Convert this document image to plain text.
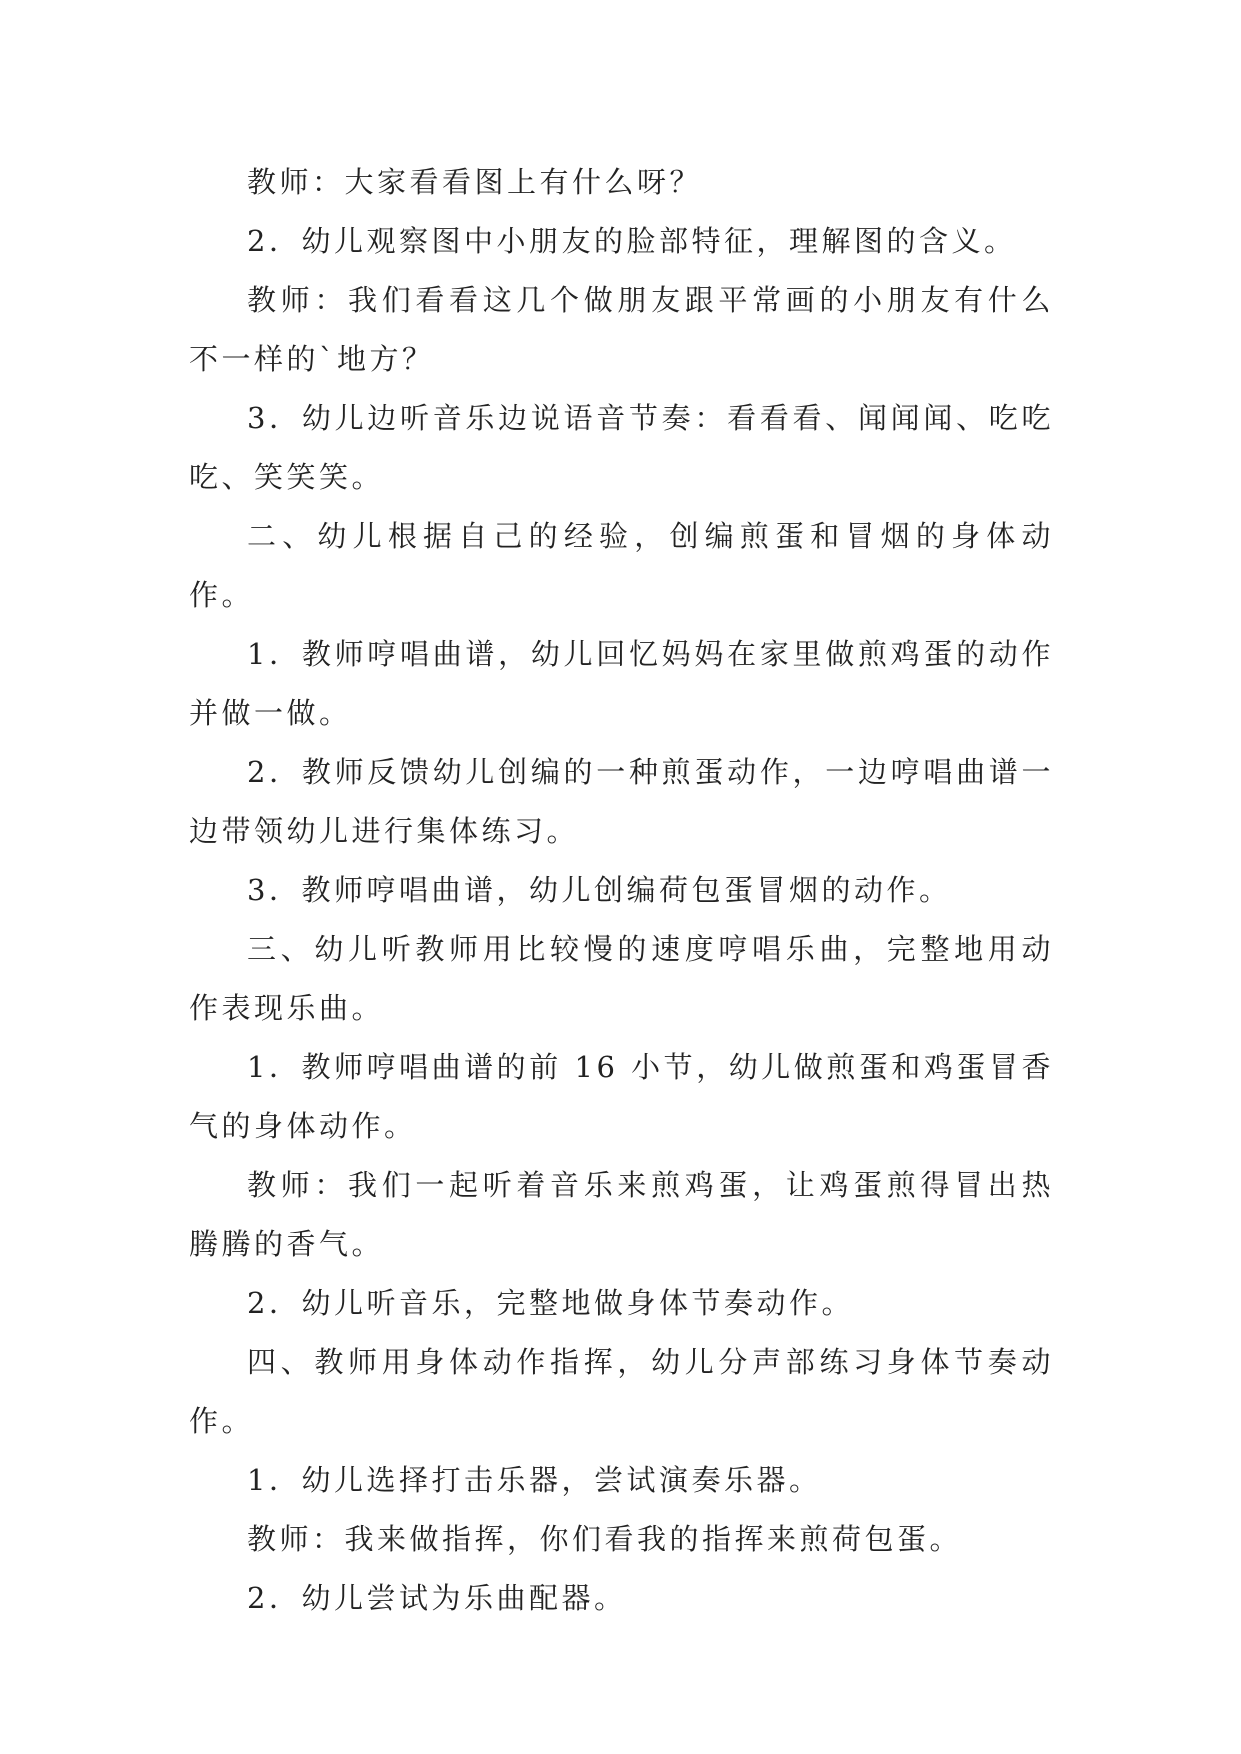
教师：大家看看图上有什么呀？

2．幼儿观察图中小朋友的脸部特征，理解图的含义。

教师：我们看看这几个做朋友跟平常画的小朋友有什么不一样的`地方？

3．幼儿边听音乐边说语音节奏：看看看、闻闻闻、吃吃吃、笑笑笑。

二、幼儿根据自己的经验，创编煎蛋和冒烟的身体动作。

1．教师哼唱曲谱，幼儿回忆妈妈在家里做煎鸡蛋的动作并做一做。

2．教师反馈幼儿创编的一种煎蛋动作，一边哼唱曲谱一边带领幼儿进行集体练习。

3．教师哼唱曲谱，幼儿创编荷包蛋冒烟的动作。

三、幼儿听教师用比较慢的速度哼唱乐曲，完整地用动作表现乐曲。

1．教师哼唱曲谱的前 16 小节，幼儿做煎蛋和鸡蛋冒香气的身体动作。

教师：我们一起听着音乐来煎鸡蛋，让鸡蛋煎得冒出热腾腾的香气。

2．幼儿听音乐，完整地做身体节奏动作。

四、教师用身体动作指挥，幼儿分声部练习身体节奏动作。

1．幼儿选择打击乐器，尝试演奏乐器。

教师：我来做指挥，你们看我的指挥来煎荷包蛋。

2．幼儿尝试为乐曲配器。
